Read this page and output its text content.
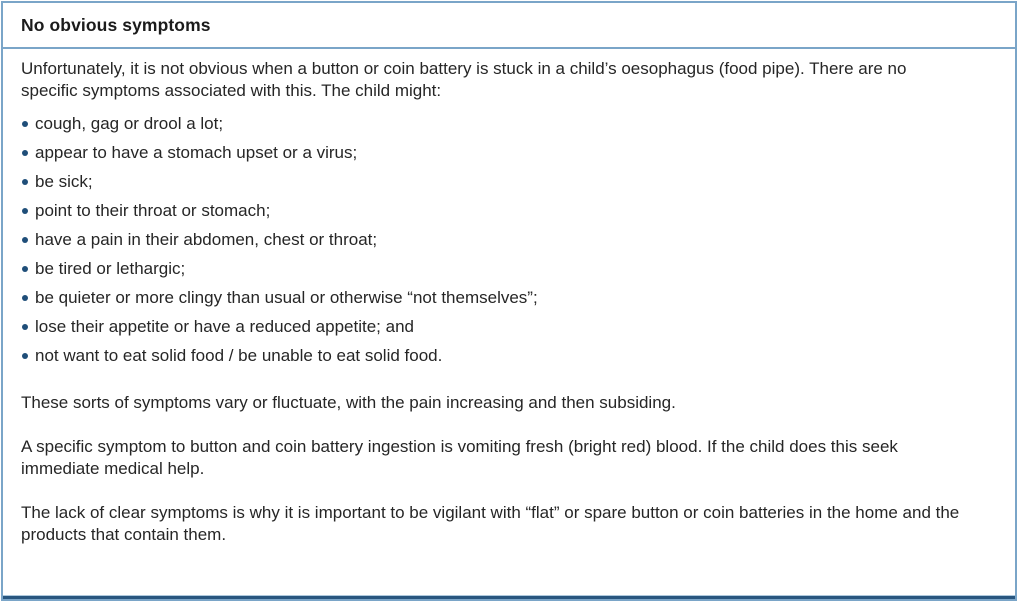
No obvious symptoms

Unfortunately, it is not obvious when a button or coin battery is stuck in a child’s oesophagus (food pipe). There are no specific symptoms associated with this. The child might:

cough, gag or drool a lot;
appear to have a stomach upset or a virus;
be sick;
point to their throat or stomach;
have a pain in their abdomen, chest or throat;
be tired or lethargic;
be quieter or more clingy than usual or otherwise “not themselves”;
lose their appetite or have a reduced appetite; and
not want to eat solid food / be unable to eat solid food.

These sorts of symptoms vary or fluctuate, with the pain increasing and then subsiding.

A specific symptom to button and coin battery ingestion is vomiting fresh (bright red) blood. If the child does this seek immediate medical help.

The lack of clear symptoms is why it is important to be vigilant with “flat” or spare button or coin batteries in the home and the products that contain them.
